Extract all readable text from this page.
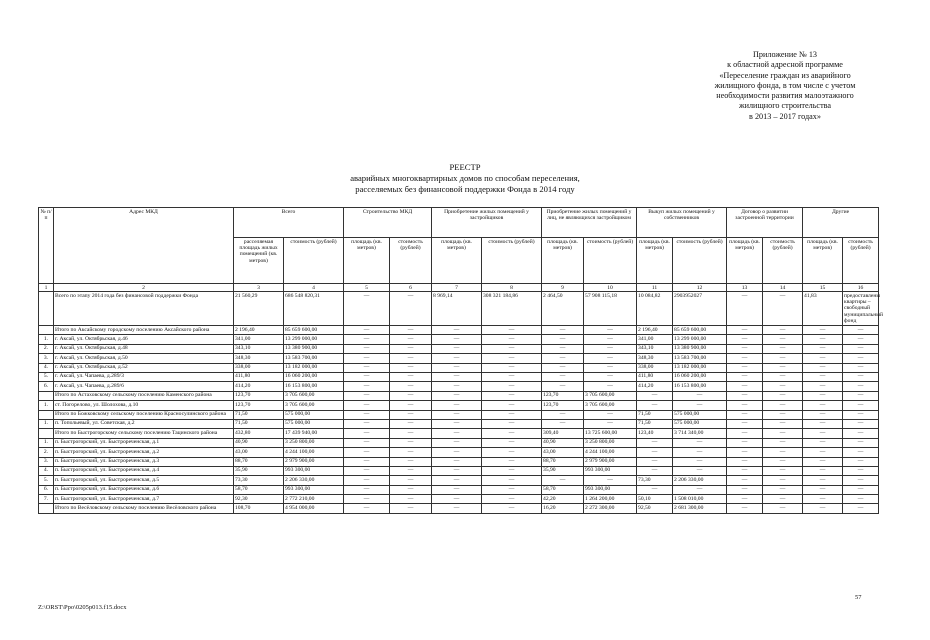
Приложение № 13
к областной адресной программе
«Переселение граждан из аварийного
жилищного фонда, в том числе с учетом
необходимости развития малоэтажного
жилищного строительства
в 2013 – 2017 годах»
РЕЕСТР
аварийных многоквартирных домов по способам переселения,
расселяемых без финансовой поддержки Фонда в 2014 году
№ п/п	Адрес МКД	Всего		Строительство МКД		Приобретение жилых помещений у застройщиков		Приобретение жилых помещений у лиц, не являющихся застройщиком		Выкуп жилых помещений у собственников		Договор о развитии застроенной территории		Другие	
		расселяемая площадь жилых помещений (кв. метров)	стоимость (рублей)	площадь (кв. метров)	стоимость (рублей)	площадь (кв. метров)	стоимость (рублей)	площадь (кв. метров)	стоимость (рублей)	площадь (кв. метров)	стоимость (рублей)	площадь (кв. метров)	стоимость (рублей)	площадь (кв. метров)	стоимость (рублей)
1	2	3	4	5	6	7	8	9	10	11	12	13	14	15	16
	Всего по этапу 2014 года без финансовой поддержки Фонда	21 560,29	686 548 820,31	—	—	8 969,14	308 321 184,86	2 464,50	57 908 115,18	10 084,82	2903952027	—	—	41,83	предоставлены квартиры – свободный муниципальный фонд
	Итого по Аксайскому городскому поселению Аксайского района	2 196,40	85 659 600,00	—	—	—	—	—	—	2 196,40	85 659 600,00	—	—	—	—
1.	г. Аксай, ул. Октябрьская, д.46	341,00	13 299 000,00	—	—	—	—	—	—	341,00	13 299 000,00	—	—	—	—
2.	г. Аксай, ул. Октябрьская, д.48	343,10	13 380 900,00	—	—	—	—	—	—	343,10	13 380 900,00	—	—	—	—
3.	г. Аксай, ул. Октябрьская, д.50	348,30	13 583 700,00	—	—	—	—	—	—	348,30	13 583 700,00	—	—	—	—
4.	г. Аксай, ул. Октябрьская, д.52	338,00	13 182 000,00	—	—	—	—	—	—	338,00	13 182 000,00	—	—	—	—
5.	г. Аксай, ул. Чапаева, д.289/3	411,80	16 060 200,00	—	—	—	—	—	—	411,80	16 060 200,00	—	—	—	—
6.	г. Аксай, ул. Чапаева, д.289/6	414,20	16 153 800,00	—	—	—	—	—	—	414,20	16 153 800,00	—	—	—	—
	Итого по Астаховскому сельскому поселению Каменского района	123,70	3 705 600,00	—	—	—	—	123,70	3 705 600,00	—	—	—	—	—	—
1.	ст. Погорелово, ул. Шолохова, д.10	123,70	3 705 600,00	—	—	—	—	123,70	3 705 600,00	—	—	—	—	—	—
	Итого по Божковскому сельскому поселению Красносулинского района	71,50	575 000,00	—	—	—	—	—	—	71,50	575 000,00	—	—	—	—
1.	п. Топольевый, ул. Советская, д.2	71,50	575 000,00	—	—	—	—	—	—	71,50	575 000,00	—	—	—	—
	Итого по Быстрогорскому сельскому поселению Тацинского района	432,80	17 439 940,00	—	—	—	—	309,40	13 725 600,00	123,40	3 714 340,00	—	—	—	—
1.	п. Быстрогорский, ул. Быстрореченская, д.1	40,90	3 250 800,00	—	—	—	—	40,90	3 250 800,00	—	—	—	—	—	—
2.	п. Быстрогорский, ул. Быстрореченская, д.2	43,00	4 244 100,00	—	—	—	—	43,00	4 244 100,00	—	—	—	—	—	—
3.	п. Быстрогорский, ул. Быстрореченская, д.3	88,70	2 979 900,00	—	—	—	—	88,70	2 979 900,00	—	—	—	—	—	—
4.	п. Быстрогорский, ул. Быстрореченская, д.4	35,90	993 300,00	—	—	—	—	35,90	993 300,00	—	—	—	—	—	—
5.	п. Быстрогорский, ул. Быстрореченская, д.5	73,30	2 206 330,00	—	—	—	—	—	—	73,30	2 206 330,00	—	—	—	—
6.	п. Быстрогорский, ул. Быстрореченская, д.6	58,70	993 300,00	—	—	—	—	58,70	993 300,00	—	—	—	—	—	—
7.	п. Быстрогорский, ул. Быстрореченская, д.7	92,30	2 772 210,00	—	—	—	—	42,20	1 264 200,00	50,10	1 508 010,00	—	—	—	—
	Итого по Весёловскому сельскому поселению Весёловского района	108,70	4 954 000,00	—	—	—	—	16,20	2 272 300,00	92,50	2 681 300,00	—	—	—	—
57
Z:\ORST\Ppo\0205p013.f15.docx
